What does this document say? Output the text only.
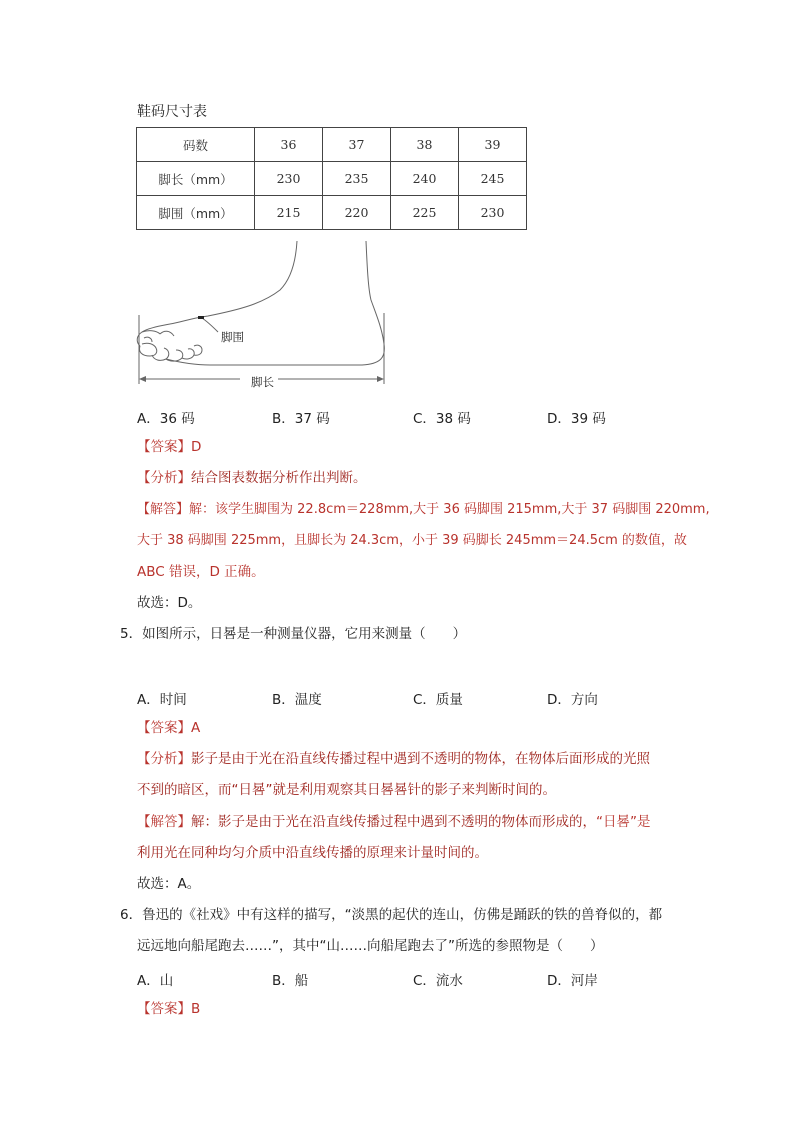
鞋码尺寸表
码数	36	37	38	39
脚长（mm）	230	235	240	245
脚围（mm）	215	220	225	230
脚围
脚长
A．36 码	B．37 码	C．38 码	D．39 码
【答案】D
【分析】结合图表数据分析作出判断。
【解答】解：该学生脚围为 22.8cm＝228mm,大于 36 码脚围 215mm,大于 37 码脚围 220mm,
大于 38 码脚围 225mm，且脚长为 24.3cm，小于 39 码脚长 245mm＝24.5cm 的数值，故
ABC 错误，D 正确。
故选：D。
5．如图所示，日晷是一种测量仪器，它用来测量（　　）
A．时间	B．温度	C．质量	D．方向
【答案】A
【分析】影子是由于光在沿直线传播过程中遇到不透明的物体，在物体后面形成的光照
不到的暗区，而“日晷”就是利用观察其日晷晷针的影子来判断时间的。
【解答】解：影子是由于光在沿直线传播过程中遇到不透明的物体而形成的，“日晷”是
利用光在同种均匀介质中沿直线传播的原理来计量时间的。
故选：A。
6．鲁迅的《社戏》中有这样的描写，“淡黑的起伏的连山，仿佛是踊跃的铁的兽脊似的，都
远远地向船尾跑去……”，其中“山……向船尾跑去了”所选的参照物是（　　）
A．山	B．船	C．流水	D．河岸
【答案】B
